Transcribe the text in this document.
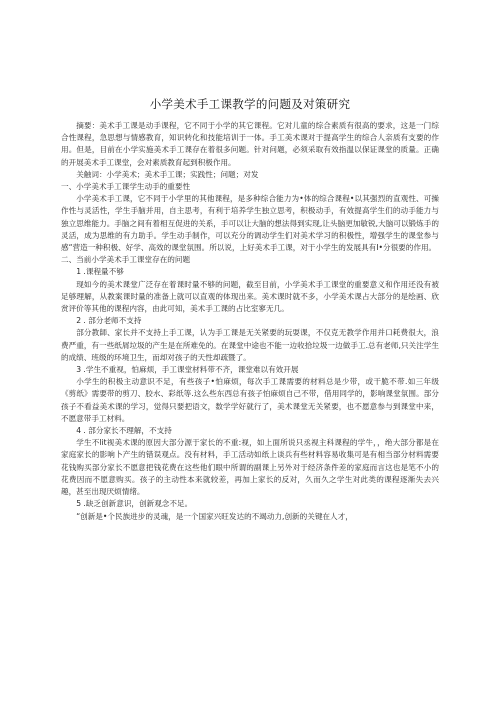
小学美术手工课教学的问题及对策研究

摘要：美术手工课是动手课程，它不同于小学的其它课程。它对儿童的综合素质有很高的要求，这是一门综合性课程，急思想与情感教育，知识转化和技能培训于一体。手工美术课对于提高学生的综合人亲质有支要的作用。但是，目前在小学实施美术手工课存在着很多问题。针对问题，必须采取有效指温以保证课堂的质量。正确的开展美术手工课堂，会对素质教育起到积极作用。

关触词：小学美术；美术手工课；实践性；问题；对发

一、小学美术手工课学生动手的重要性

小学美术手工课，它不同于小学里的其他课程，是多种综合能力为•体的综合课程•以其强烈的直观性、可操作性与灵活性，学生手脑并用，自主思考，有利于培养学生独立思考，积极动手，有效提高学生们的动手能力与独立思维能力。手脑之间有着相互促进的关系，手可以让大脑的想法得到实现,让头脑更加敏锐,大脑可以锻炼手的灵活，成为思维的有力助手。学生动手制作，可以充分的调动学生们对美术学习的积极性，增强学生的课堂参与感“营造一种积极、好学、高效的课堂氛围。所以说，上好美术手工课，对于小学生的发展具有I•分很要的作用。

二、当前小学美术手工课堂存在的问题

1 .课程量不够

现如今的美术课堂广泛存在着课时量不够的问题，截至目前，小学美术手工课堂的重要意义和作用还没有被足够理解，从教案课时量的准备上就可以直观的体现出来。美术课时就不多，小学美术课占大部分的是绘画、欣赏评价等其他的课程内容，由此可知，美术手工课的占比室寥无几。

2 . 部分老师不支持

部分教師、家长并不支持上手工课，认为手工课是无关紧要的玩耍课，不仅克无教学作用并口耗费很大，浪费严重，有一些纸屑垃圾的产生是在所难免的。在课堂中途也不能一边收拾垃圾一边做手工.总有老师,只关注学生的成绩、班级的环境卫生，而却对孩子的天性却疏暨了。

3 .学生不重视，怕麻烦，手工课堂材料带不齐，课堂难以有效开展

小学生的积极主动意识不足，有些孩子•怕麻烦，每次手工课需要的材料总是少带，或干脆不带.如三年级《剪纸》需要带的剪刀、胶水、彩纸等.这么些东西总有孩子怕麻烦自己不带，借用同学的，影响课堂氛围。部分孩子不看益美术课的学习，觉得只要把语文，数学学好就行了，美术课堂无关紧要，也不愿意参与到课堂中来，不愿意带手工材料。

4 . 部分家长不理解，不支持

学生不lit视美术课的原因大部分源于家长的不重:视，如上面所说只丞视主科课程的学牛，，绝大部分都是在家庭家长的影响卜产生的错误观点。没有材料，手工活动如纸上谈兵有些材料容易收集可是有相当部分材料需要花钱购买部分家长不愿意把钱花费在这些他们眼中所谓的副课上另外对于经济条件差的家庭而言这也是笔不小的花费因而不愿意购买。孩子的主动性本来就较差，再加上家长的反对，久而久之学生对此类的课程逐渐失去兴趣，甚至出现厌烦情绪。

5 .缺乏创新意识，创新观念不足。

“创新是•个民族进步的灵魂，是一个国家兴旺发达的不竭动力,创新的关键在人才，
